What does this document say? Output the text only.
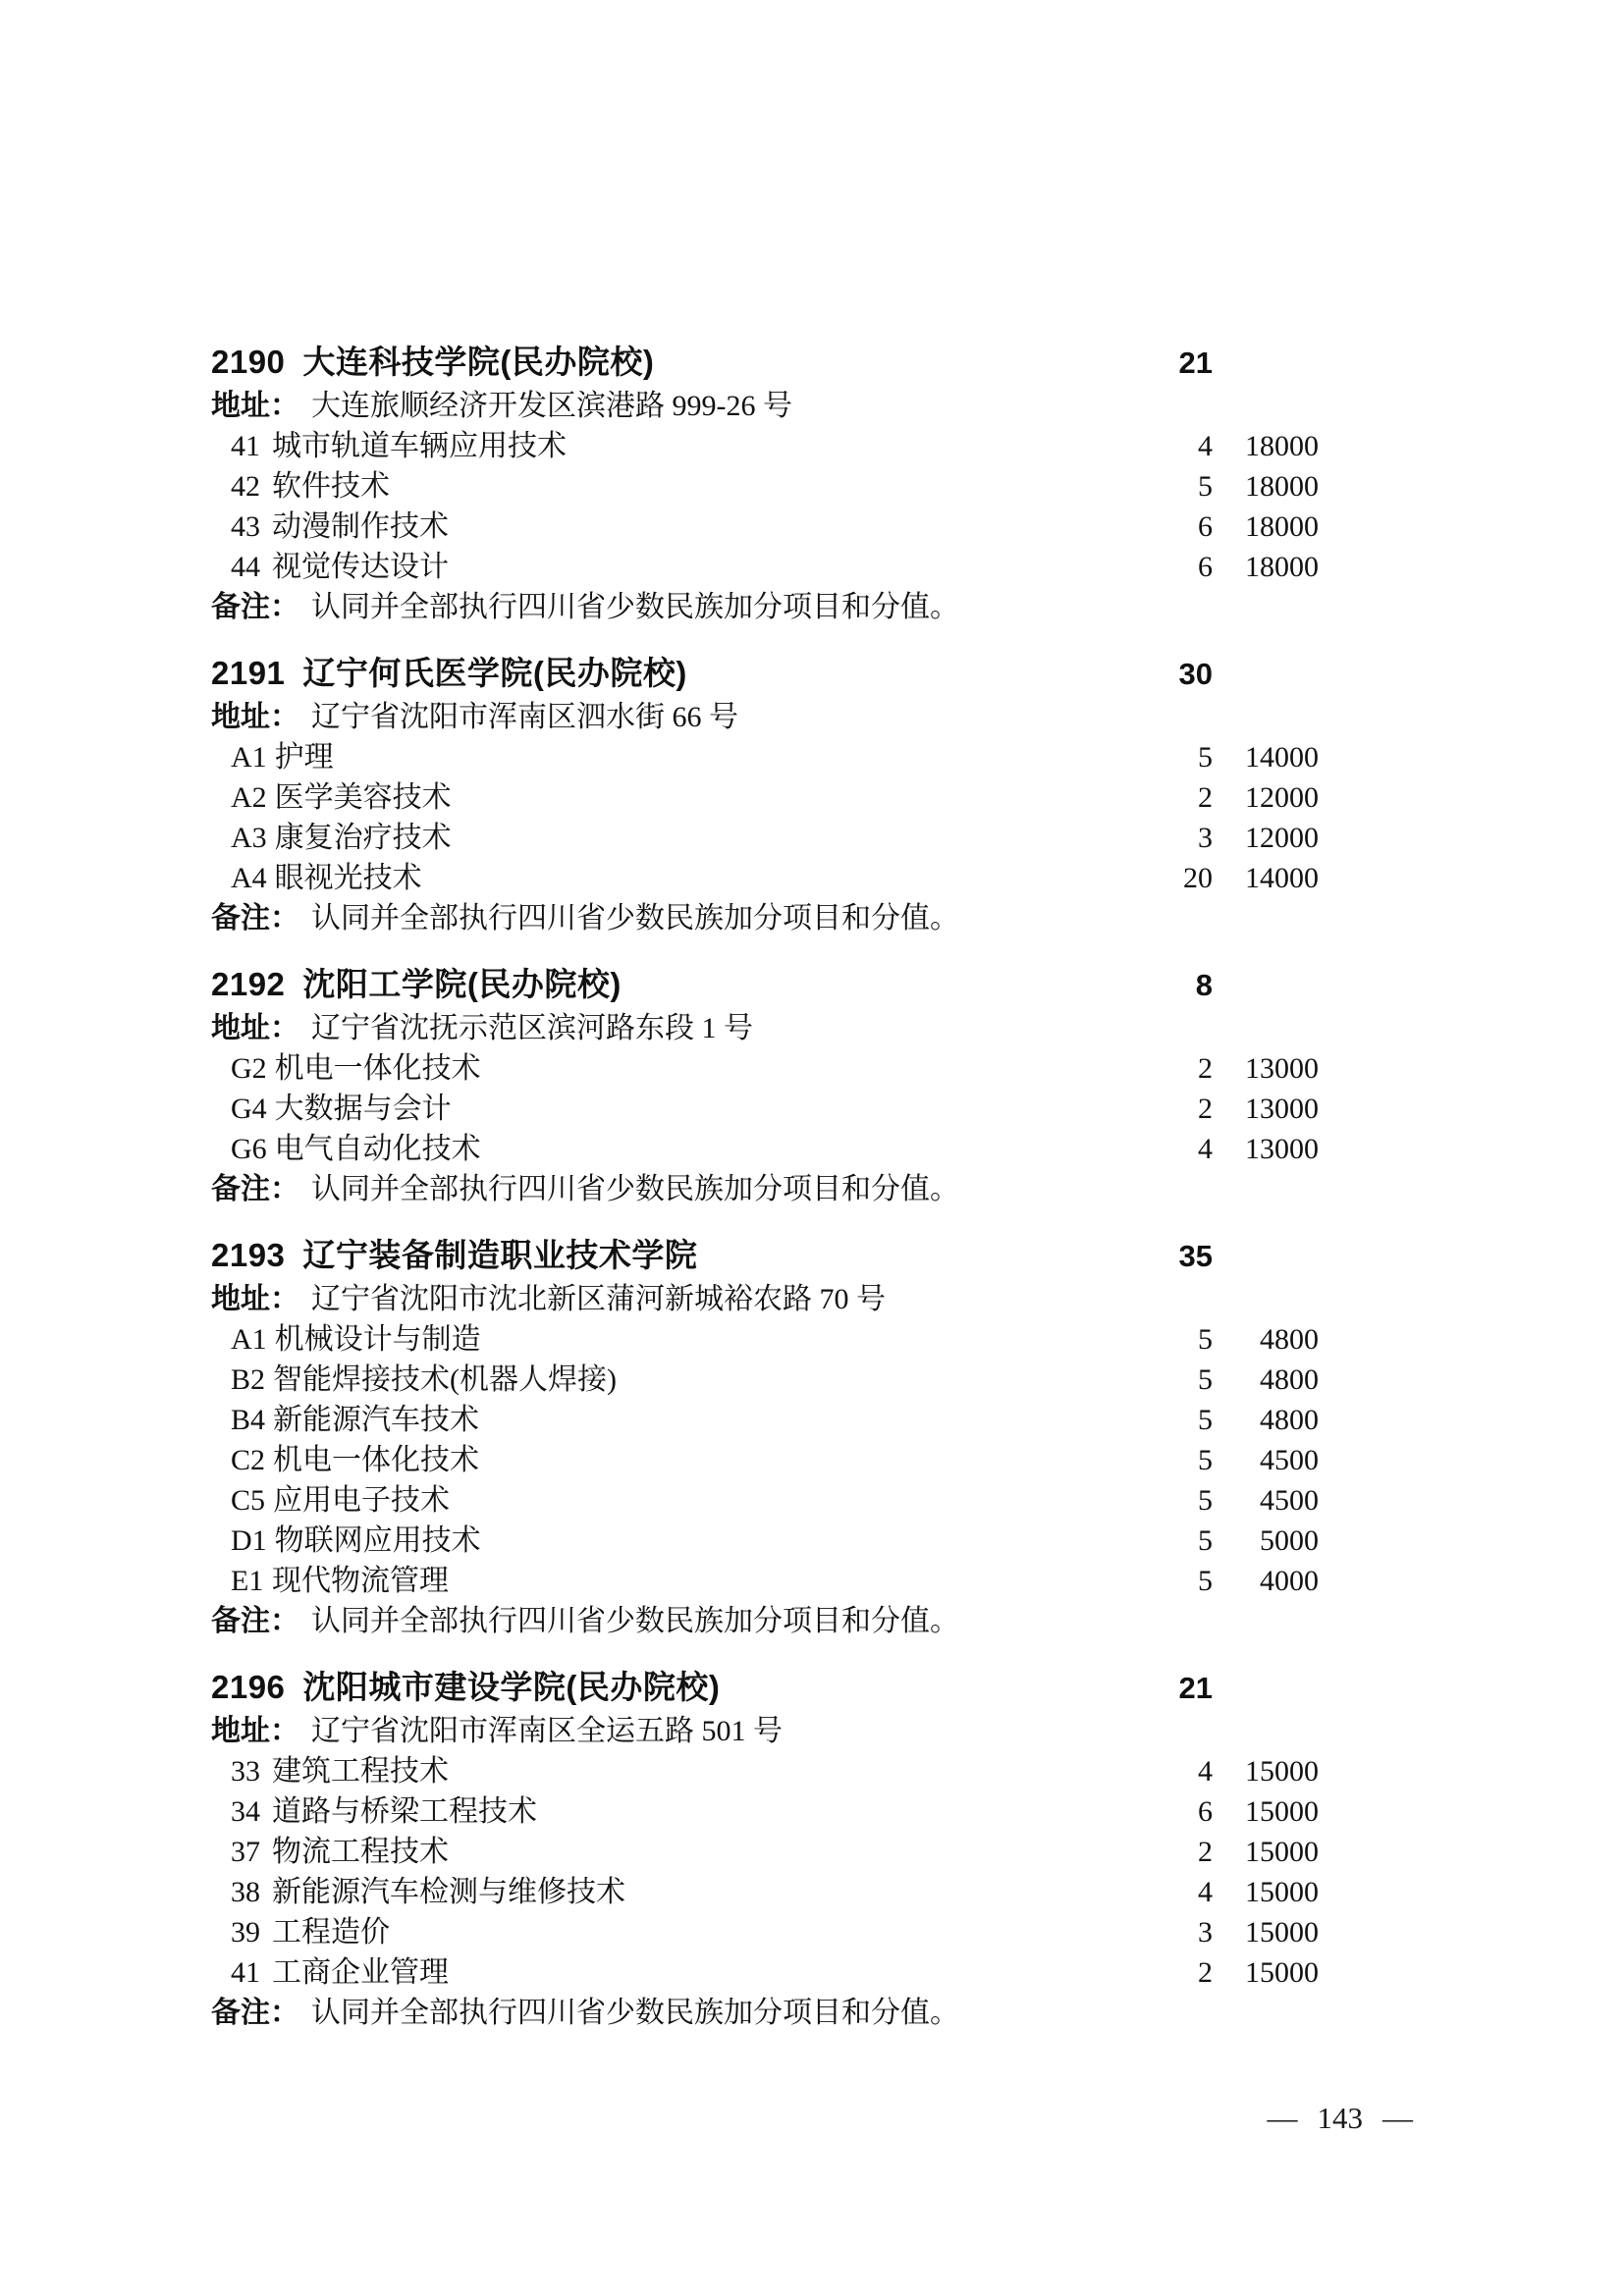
2190 大连科技学院(民办院校)	21
地址： 大连旅顺经济开发区滨港路 999-26 号
41 城市轨道车辆应用技术	4	18000
42 软件技术	5	18000
43 动漫制作技术	6	18000
44 视觉传达设计	6	18000
备注： 认同并全部执行四川省少数民族加分项目和分值。
2191 辽宁何氏医学院(民办院校)	30
地址： 辽宁省沈阳市浑南区泗水街 66 号
A1 护理	5	14000
A2 医学美容技术	2	12000
A3 康复治疗技术	3	12000
A4 眼视光技术	20	14000
备注： 认同并全部执行四川省少数民族加分项目和分值。
2192 沈阳工学院(民办院校)	8
地址： 辽宁省沈抚示范区滨河路东段 1 号
G2 机电一体化技术	2	13000
G4 大数据与会计	2	13000
G6 电气自动化技术	4	13000
备注： 认同并全部执行四川省少数民族加分项目和分值。
2193 辽宁装备制造职业技术学院	35
地址： 辽宁省沈阳市沈北新区蒲河新城裕农路 70 号
A1 机械设计与制造	5	4800
B2 智能焊接技术(机器人焊接)	5	4800
B4 新能源汽车技术	5	4800
C2 机电一体化技术	5	4500
C5 应用电子技术	5	4500
D1 物联网应用技术	5	5000
E1 现代物流管理	5	4000
备注： 认同并全部执行四川省少数民族加分项目和分值。
2196 沈阳城市建设学院(民办院校)	21
地址： 辽宁省沈阳市浑南区全运五路 501 号
33 建筑工程技术	4	15000
34 道路与桥梁工程技术	6	15000
37 物流工程技术	2	15000
38 新能源汽车检测与维修技术	4	15000
39 工程造价	3	15000
41 工商企业管理	2	15000
备注： 认同并全部执行四川省少数民族加分项目和分值。
— 143 —
